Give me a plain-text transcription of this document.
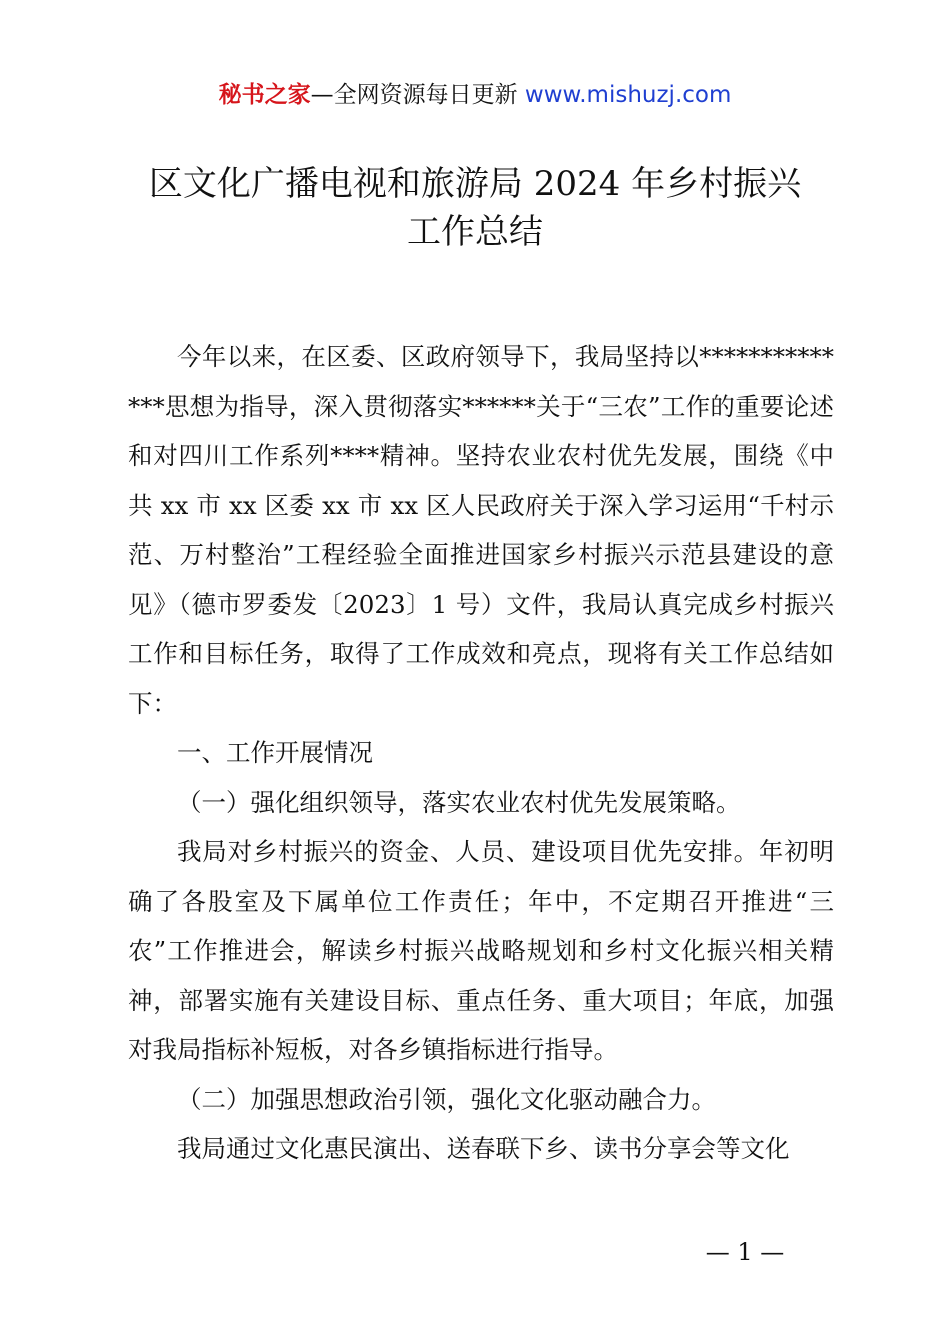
秘书之家—全网资源每日更新 www.mishuzj.com
区文化广播电视和旅游局 2024 年乡村振兴
工作总结

今年以来，在区委、区政府领导下，我局坚持以**************思想为指导，深入贯彻落实******关于“三农”工作的重要论述和对四川工作系列****精神。坚持农业农村优先发展，围绕《中共 xx 市 xx 区委 xx 市 xx 区人民政府关于深入学习运用“千村示范、万村整治”工程经验全面推进国家乡村振兴示范县建设的意见》（德市罗委发〔2023〕1 号）文件，我局认真完成乡村振兴工作和目标任务，取得了工作成效和亮点，现将有关工作总结如下：

一、工作开展情况

（一）强化组织领导，落实农业农村优先发展策略。

我局对乡村振兴的资金、人员、建设项目优先安排。年初明确了各股室及下属单位工作责任；年中，不定期召开推进“三农”工作推进会，解读乡村振兴战略规划和乡村文化振兴相关精神，部署实施有关建设目标、重点任务、重大项目；年底，加强对我局指标补短板，对各乡镇指标进行指导。

（二）加强思想政治引领，强化文化驱动融合力。

我局通过文化惠民演出、送春联下乡、读书分享会等文化

— 1 —
